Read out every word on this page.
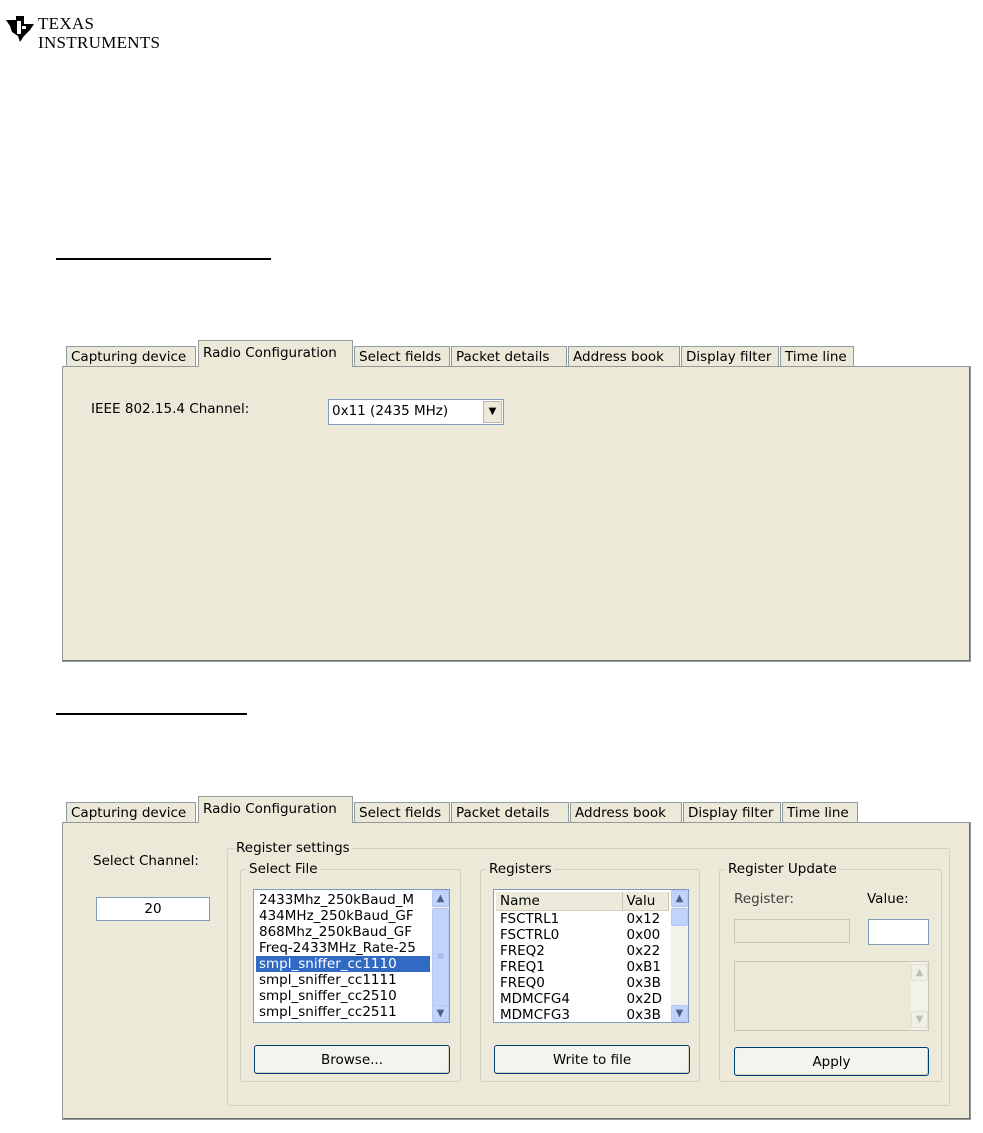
TEXAS
INSTRUMENTS
Capturing device	Radio Configuration	Select fields	Packet details	Address book	Display filter	Time line
IEEE 802.15.4 Channel:	0x11 (2435 MHz)	▼
Capturing device	Radio Configuration	Select fields	Packet details	Address book	Display filter	Time line
Select Channel:
20
Register settings
Select File
2433Mhz_250kBaud_M
434MHz_250kBaud_GF
868Mhz_250kBaud_GF
Freq-2433MHz_Rate-25
smpl_sniffer_cc1110
smpl_sniffer_cc1111
smpl_sniffer_cc2510
smpl_sniffer_cc2511
▲
≡
▼
Browse...
Registers
Name	Valu
FSCTRL1	0x12
FSCTRL0	0x00
FREQ2	0x22
FREQ1	0xB1
FREQ0	0x3B
MDMCFG4	0x2D
MDMCFG3	0x3B
▲
▼
Write to file
Register Update
Register:	Value:
▲
▼
Apply
